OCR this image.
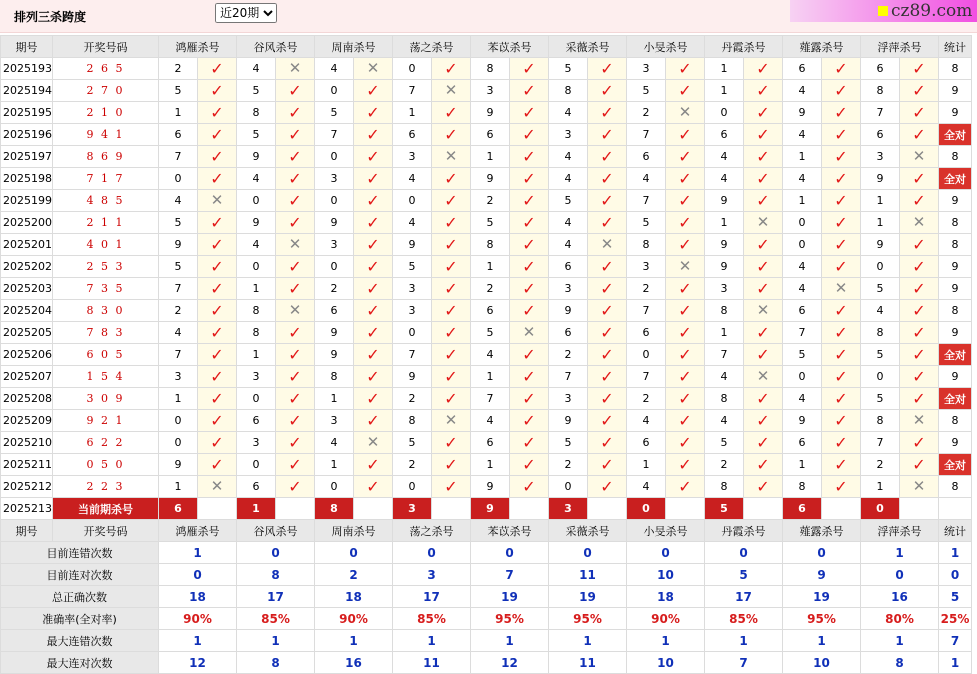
排列三杀跨度
近20期	cz89.com
期号	开奖号码	鸿雁杀号		谷风杀号		周南杀号		荡之杀号		苯苡杀号		采薇杀号		小旻杀号		丹霞杀号		薤露杀号		浮萍杀号		统计
2025193	2 6 5	2	✓	4	✕	4	✕	0	✓	8	✓	5	✓	3	✓	1	✓	6	✓	6	✓	8
2025194	2 7 0	5	✓	5	✓	0	✓	7	✕	3	✓	8	✓	5	✓	1	✓	4	✓	8	✓	9
2025195	2 1 0	1	✓	8	✓	5	✓	1	✓	9	✓	4	✓	2	✕	0	✓	9	✓	7	✓	9
2025196	9 4 1	6	✓	5	✓	7	✓	6	✓	6	✓	3	✓	7	✓	6	✓	4	✓	6	✓	全对
2025197	8 6 9	7	✓	9	✓	0	✓	3	✕	1	✓	4	✓	6	✓	4	✓	1	✓	3	✕	8
2025198	7 1 7	0	✓	4	✓	3	✓	4	✓	9	✓	4	✓	4	✓	4	✓	4	✓	9	✓	全对
2025199	4 8 5	4	✕	0	✓	0	✓	0	✓	2	✓	5	✓	7	✓	9	✓	1	✓	1	✓	9
2025200	2 1 1	5	✓	9	✓	9	✓	4	✓	5	✓	4	✓	5	✓	1	✕	0	✓	1	✕	8
2025201	4 0 1	9	✓	4	✕	3	✓	9	✓	8	✓	4	✕	8	✓	9	✓	0	✓	9	✓	8
2025202	2 5 3	5	✓	0	✓	0	✓	5	✓	1	✓	6	✓	3	✕	9	✓	4	✓	0	✓	9
2025203	7 3 5	7	✓	1	✓	2	✓	3	✓	2	✓	3	✓	2	✓	3	✓	4	✕	5	✓	9
2025204	8 3 0	2	✓	8	✕	6	✓	3	✓	6	✓	9	✓	7	✓	8	✕	6	✓	4	✓	8
2025205	7 8 3	4	✓	8	✓	9	✓	0	✓	5	✕	6	✓	6	✓	1	✓	7	✓	8	✓	9
2025206	6 0 5	7	✓	1	✓	9	✓	7	✓	4	✓	2	✓	0	✓	7	✓	5	✓	5	✓	全对
2025207	1 5 4	3	✓	3	✓	8	✓	9	✓	1	✓	7	✓	7	✓	4	✕	0	✓	0	✓	9
2025208	3 0 9	1	✓	0	✓	1	✓	2	✓	7	✓	3	✓	2	✓	8	✓	4	✓	5	✓	全对
2025209	9 2 1	0	✓	6	✓	3	✓	8	✕	4	✓	9	✓	4	✓	4	✓	9	✓	8	✕	8
2025210	6 2 2	0	✓	3	✓	4	✕	5	✓	6	✓	5	✓	6	✓	5	✓	6	✓	7	✓	9
2025211	0 5 0	9	✓	0	✓	1	✓	2	✓	1	✓	2	✓	1	✓	2	✓	1	✓	2	✓	全对
2025212	2 2 3	1	✕	6	✓	0	✓	0	✓	9	✓	0	✓	4	✓	8	✓	8	✓	1	✕	8
2025213	当前期杀号	6		1		8		3		9		3		0		5		6		0		
期号	开奖号码	鸿雁杀号		谷风杀号		周南杀号		荡之杀号		苯苡杀号		采薇杀号		小旻杀号		丹霞杀号		薤露杀号		浮萍杀号		统计
目前连错次数		1		0		0		0		0		0		0		0		0		1		1
目前连对次数		0		8		2		3		7		11		10		5		9		0		0
总正确次数		18		17		18		17		19		19		18		17		19		16		5
准确率(全对率)		90%		85%		90%		85%		95%		95%		90%		85%		95%		80%		25%
最大连错次数		1		1		1		1		1		1		1		1		1		1		7
最大连对次数		12		8		16		11		12		11		10		7		10		8		1
